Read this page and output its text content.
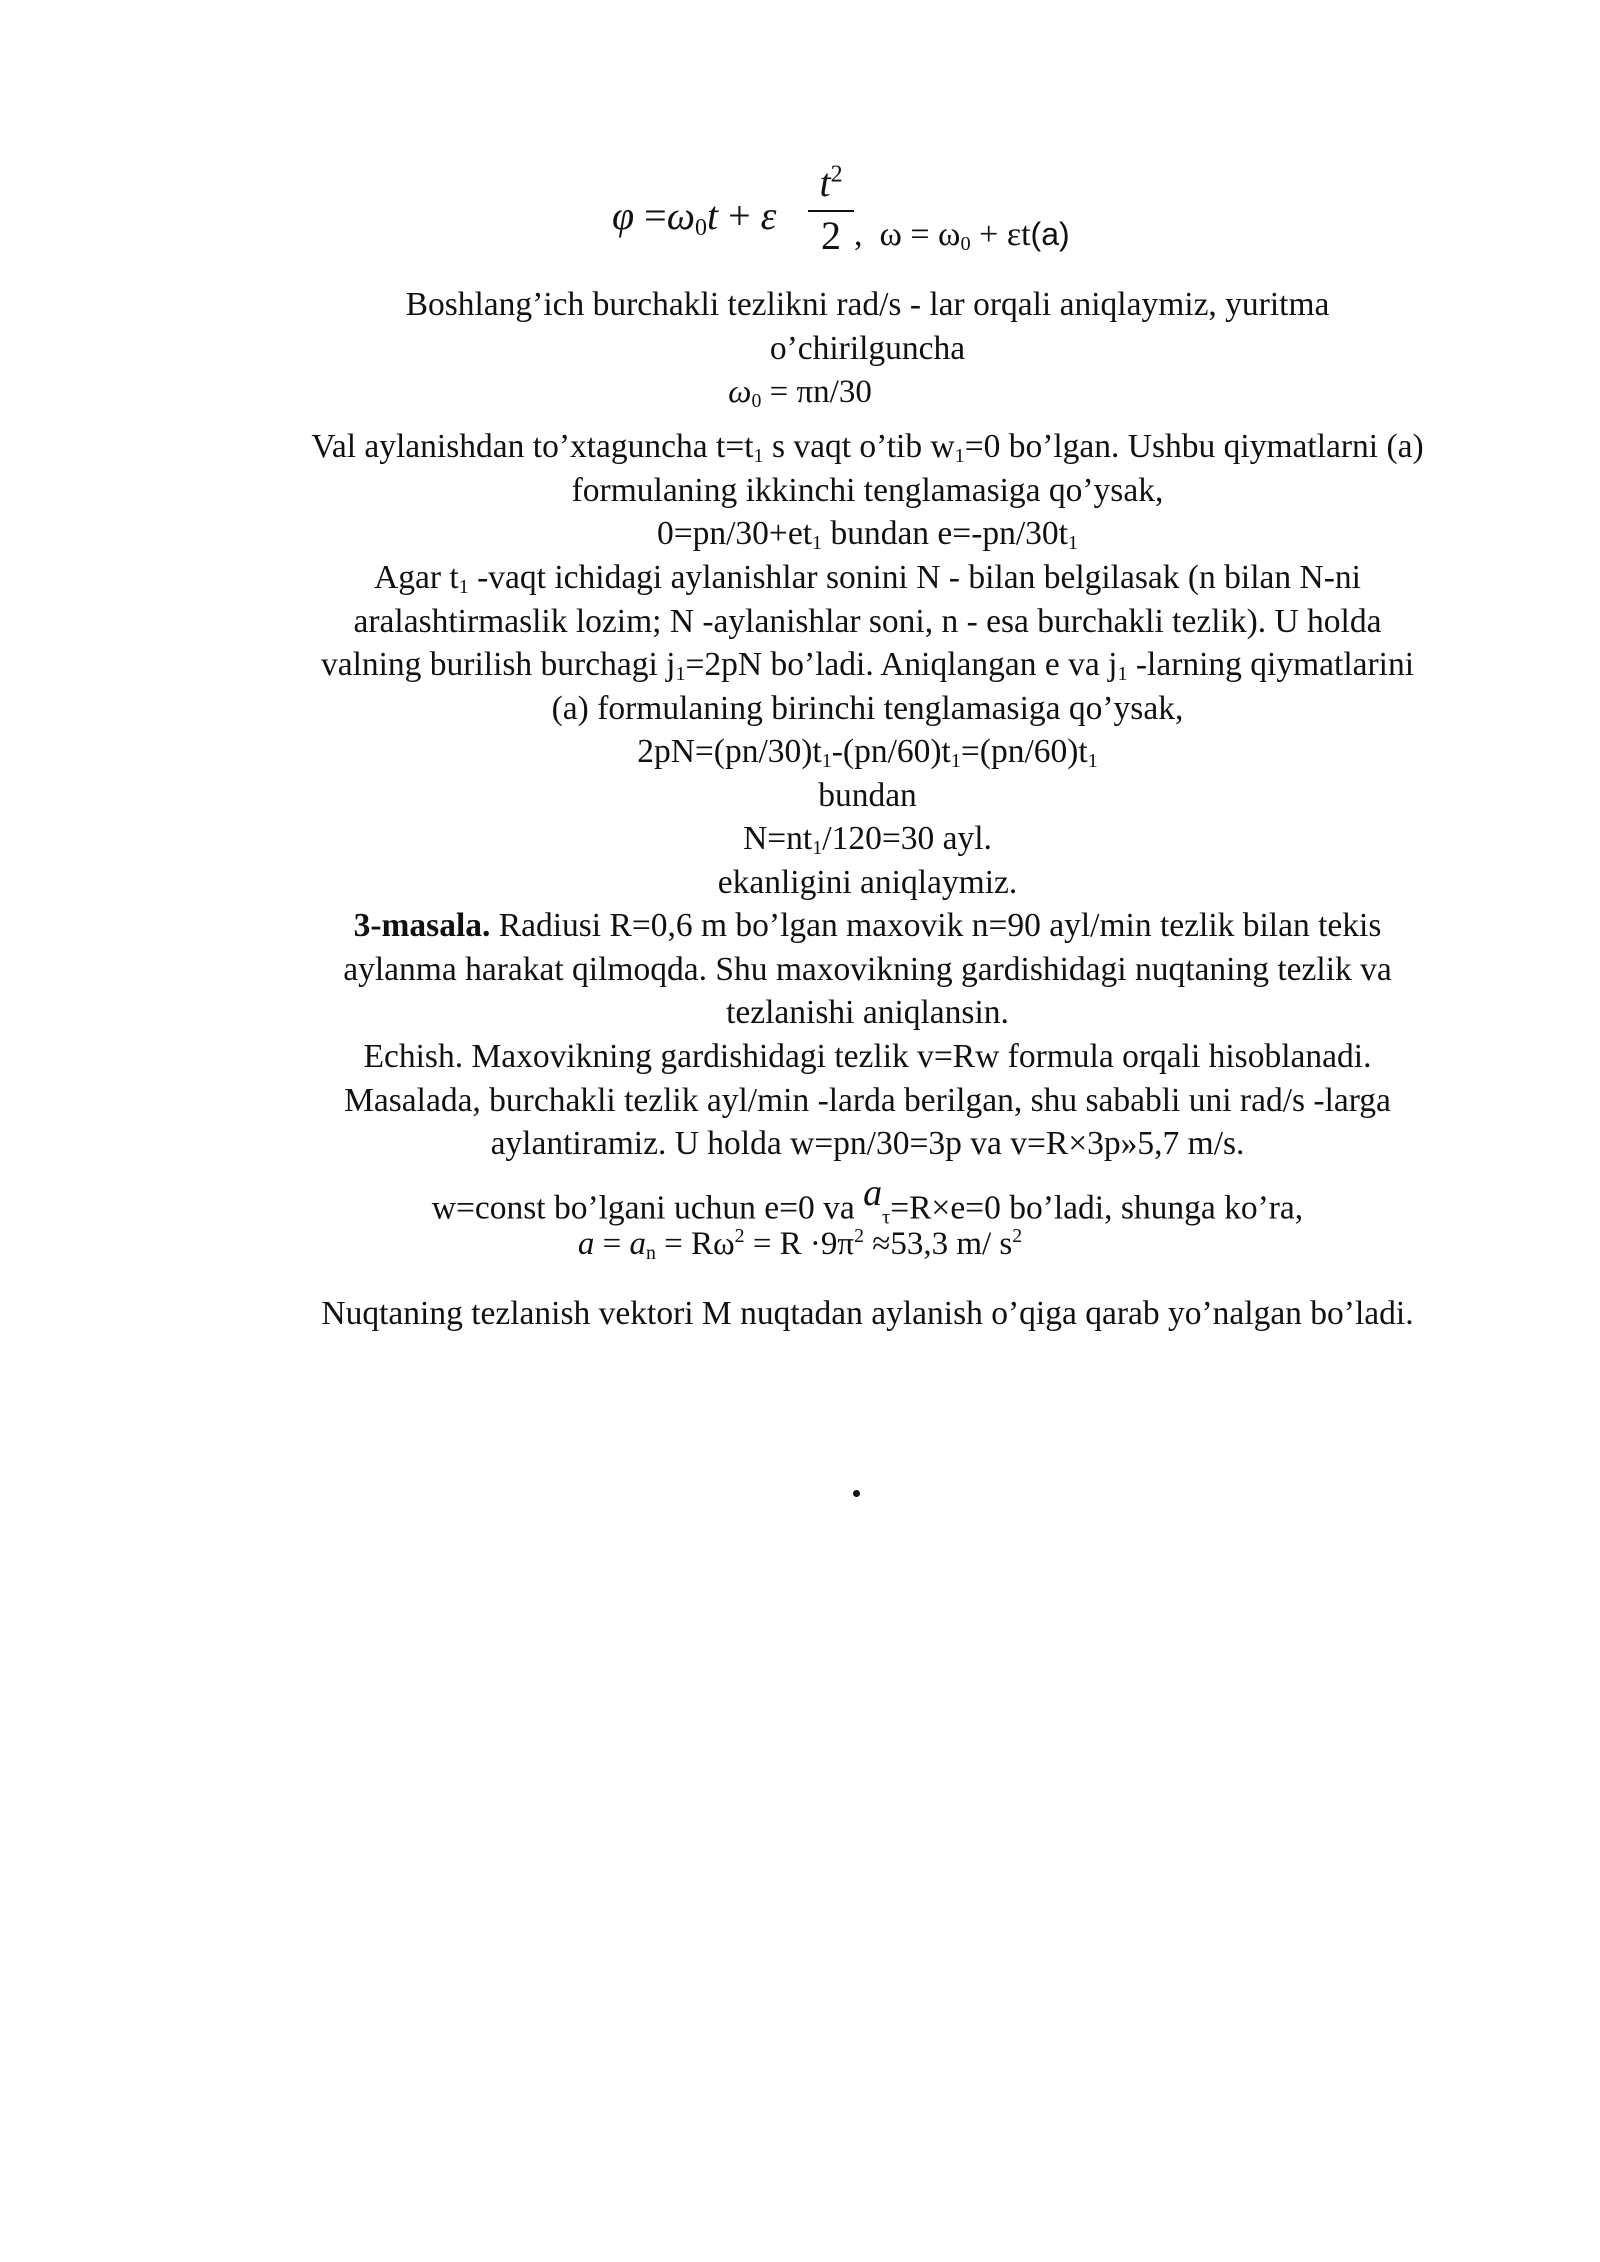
$\varphi =\omega_0t + \varepsilon$
$t^2$
2 , $\omega = \omega_0 + \varepsilon t(a)$
Boshlang’ich burchakli tezlikni rad/s - lar orqali aniqlaymiz, yuritma
o’chirilguncha
$\omega_0 = \pi n/30$
Val aylanishdan to’xtaguncha $t=t_1$ s vaqt o’tib $w_1=0$ bo’lgan. Ushbu qiymatlarni (a)
formulaning ikkinchi tenglamasiga qo’ysak,
$0=pn/30+et_1$ bundan $e=-pn/30t_1$
Agar $t_1$ -vaqt ichidagi aylanishlar sonini N - bilan belgilasak (n bilan N-ni
aralashtirmaslik lozim; N -aylanishlar soni, n - esa burchakli tezlik). U holda
valning burilish burchagi $j_1=2pN$ bo’ladi. Aniqlangan e va $j_1$ -larning qiymatlarini
(a) formulaning birinchi tenglamasiga qo’ysak,
$2pN=(pn/30)t_1-(pn/60)t_1=(pn/60)t_1$
bundan
$N=nt_1/120=30$ ayl.
ekanligini aniqlaymiz.
3-masala. Radiusi R=0,6 m bo’lgan maxovik n=90 ayl/min tezlik bilan tekis
aylanma harakat qilmoqda. Shu maxovikning gardishidagi nuqtaning tezlik va
tezlanishi aniqlansin.
Echish. Maxovikning gardishidagi tezlik v=Rw formula orqali hisoblanadi.
Masalada, burchakli tezlik ayl/min -larda berilgan, shu sababli uni rad/s -larga
aylantiramiz. U holda w=pn/30=3p va v=R×3p»5,7 m/s.
w=const bo’lgani uchun e=0 va $a_\tau=R\times e=0$ bo’ladi, shunga ko’ra,
$a = a_n = R\omega^2 = R \cdot 9\pi^2 \approx 53,3$ m/ $s^2$
Nuqtaning tezlanish vektori M nuqtadan aylanish o’qiga qarab yo’nalgan bo’ladi.
